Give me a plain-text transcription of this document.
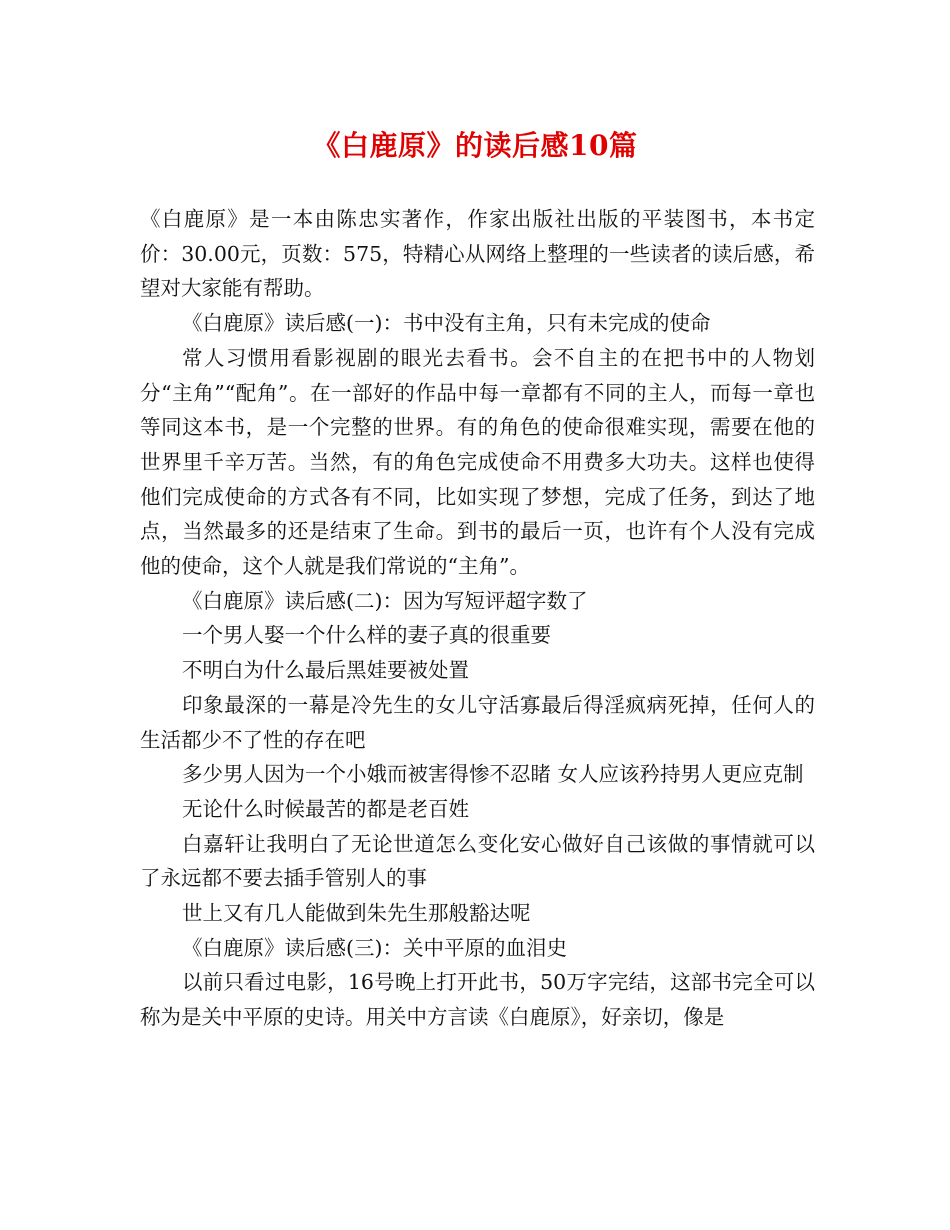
《白鹿原》的读后感10篇

《白鹿原》是一本由陈忠实著作，作家出版社出版的平装图书，本书定价：30.00元，页数：575，特精心从网络上整理的一些读者的读后感，希望对大家能有帮助。

《白鹿原》读后感(一)：书中没有主角，只有未完成的使命

常人习惯用看影视剧的眼光去看书。会不自主的在把书中的人物划分“主角”“配角”。在一部好的作品中每一章都有不同的主人，而每一章也等同这本书，是一个完整的世界。有的角色的使命很难实现，需要在他的世界里千辛万苦。当然，有的角色完成使命不用费多大功夫。这样也使得他们完成使命的方式各有不同，比如实现了梦想，完成了任务，到达了地点，当然最多的还是结束了生命。到书的最后一页，也许有个人没有完成他的使命，这个人就是我们常说的“主角”。

《白鹿原》读后感(二)：因为写短评超字数了

一个男人娶一个什么样的妻子真的很重要

不明白为什么最后黑娃要被处置

印象最深的一幕是冷先生的女儿守活寡最后得淫疯病死掉，任何人的生活都少不了性的存在吧

多少男人因为一个小娥而被害得惨不忍睹 女人应该矜持男人更应克制

无论什么时候最苦的都是老百姓

白嘉轩让我明白了无论世道怎么变化安心做好自己该做的事情就可以了永远都不要去插手管别人的事

世上又有几人能做到朱先生那般豁达呢

《白鹿原》读后感(三)：关中平原的血泪史

以前只看过电影，16号晚上打开此书，50万字完结，这部书完全可以称为是关中平原的史诗。用关中方言读《白鹿原》，好亲切，像是
